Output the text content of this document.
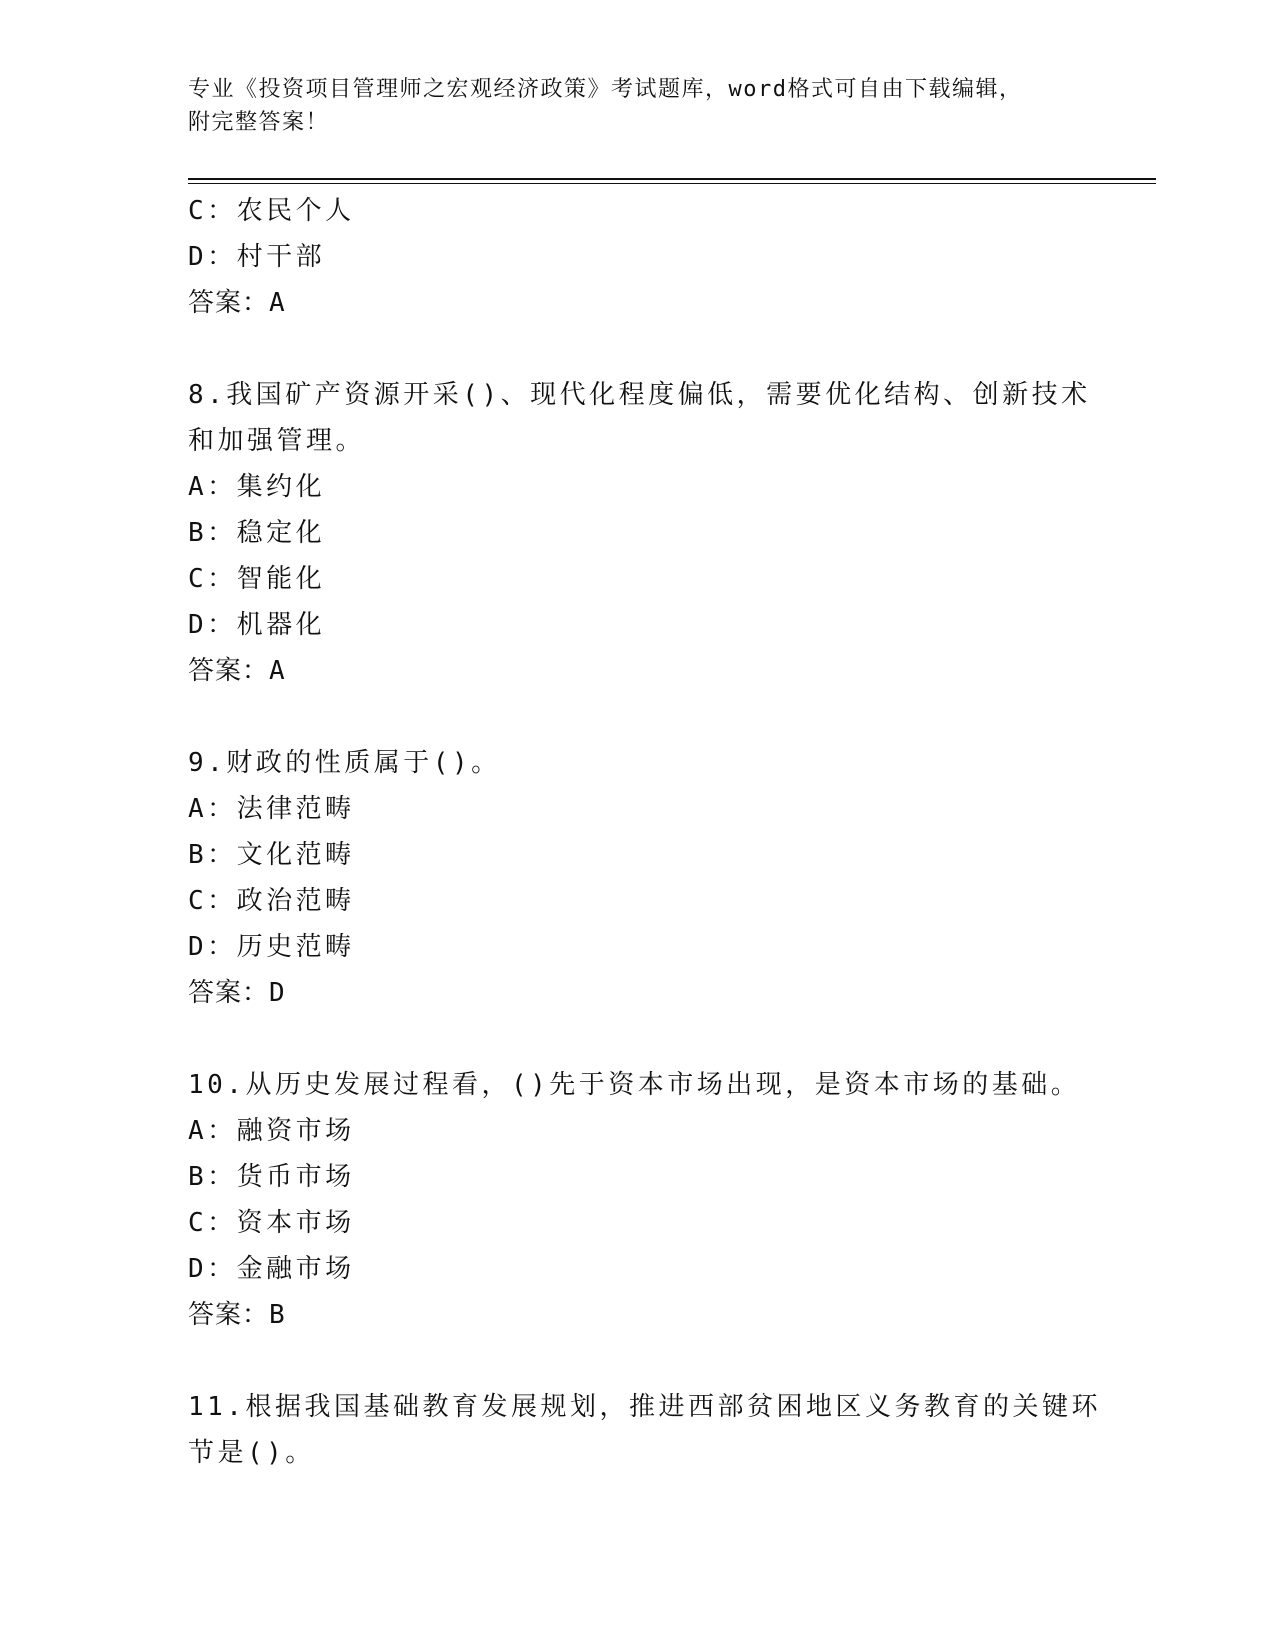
专业《投资项目管理师之宏观经济政策》考试题库，word格式可自由下载编辑，
附完整答案！
C：农民个人
D：村干部
答案：A
8.我国矿产资源开采()、现代化程度偏低，需要优化结构、创新技术
和加强管理。
A：集约化
B：稳定化
C：智能化
D：机器化
答案：A
9.财政的性质属于()。
A：法律范畴
B：文化范畴
C：政治范畴
D：历史范畴
答案：D
10.从历史发展过程看，()先于资本市场出现，是资本市场的基础。
A：融资市场
B：货币市场
C：资本市场
D：金融市场
答案：B
11.根据我国基础教育发展规划，推进西部贫困地区义务教育的关键环
节是()。
